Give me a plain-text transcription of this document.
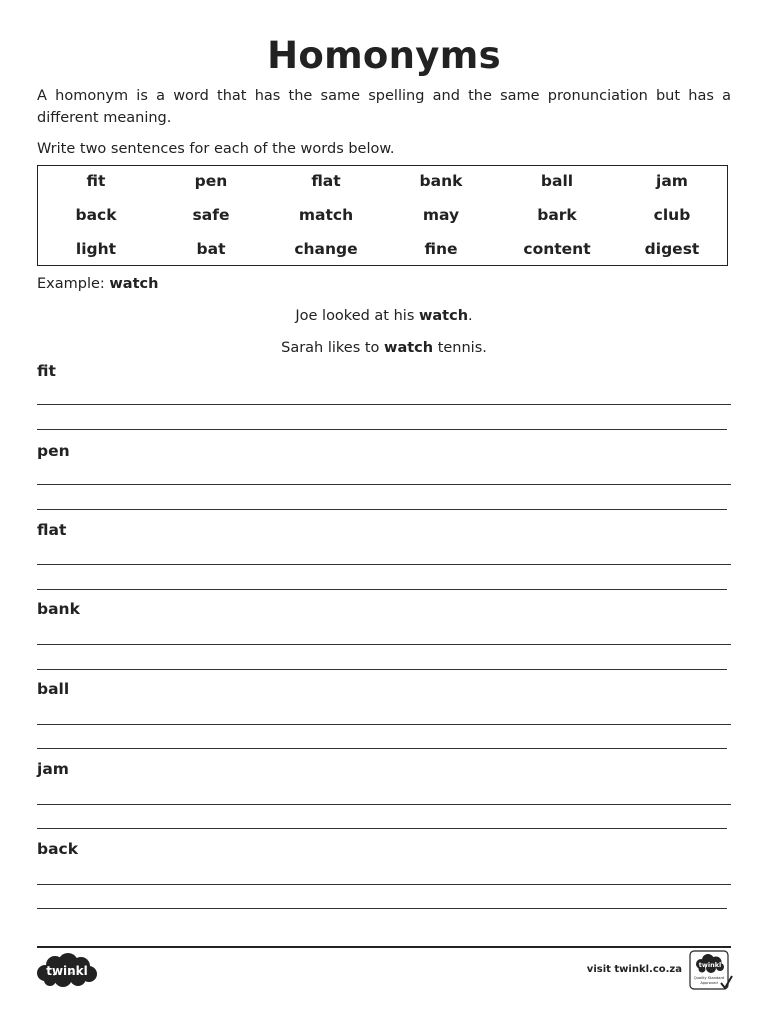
Homonyms
A homonym is a word that has the same spelling and the same pronunciation but has a different meaning.
Write two sentences for each of the words below.
fit	pen	flat	bank	ball	jam
back	safe	match	may	bark	club
light	bat	change	fine	content	digest
Example: watch
Joe looked at his watch.
Sarah likes to watch tennis.
fit
pen
flat
bank
ball
jam
back
twinkl	visit twinkl.co.za	twinkl
Quality Standard
Approved
